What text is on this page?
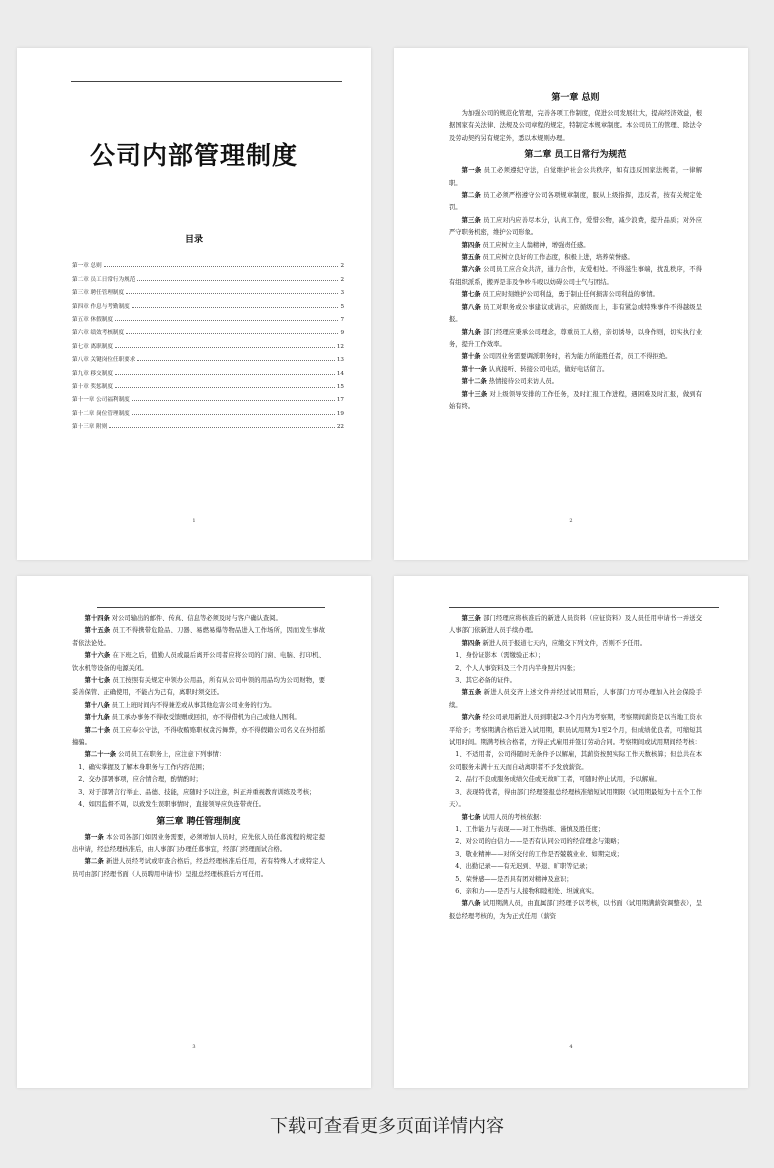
公司内部管理制度
目录
第一章 总则	2
第二章 员工日常行为规范	2
第三章 聘任管理制度	3
第四章 作息与考勤制度	5
第五章 休假制度	7
第六章 绩效考核制度	9
第七章 离职制度	12
第八章 关键岗位任职要求	13
第九章 移交制度	14
第十章 奖惩制度	15
第十一章 公司福利制度	17
第十二章 岗位管理制度	19
第十三章 附则	22
1
第一章 总则

为加强公司的规范化管理，完善各项工作制度，促进公司发展壮大，提高经济效益，根据国家有关法律、法规及公司章程的规定，特制定本规章制度。本公司员工的管理、除法令及劳动契约另有规定外，悉以本规则办理。

第二章 员工日常行为规范

第一条 员工必须遵纪守法，自觉维护社会公共秩序，如有违反国家法规者，一律解职。

第二条 员工必须严格遵守公司各项规章制度，服从上级指挥，违反者，按有关规定处罚。

第三条 员工应对内应善尽本分，认真工作，爱惜公物，减少浪费，提升品质；对外应严守职务机密，维护公司形象。

第四条 员工应树立主人翁精神，增强责任感。

第五条 员工应树立良好的工作态度，积极上进，培养荣誉感。

第六条 公司员工应合众共济，通力合作，友爱相处。不得滋生事端，扰乱秩序，不得有组织派系，搬弄是非及争吵斗殴以妨碍公司士气与团结。

第七条 员工应时刻维护公司利益，勇于制止任何损害公司利益的事情。

第八条 员工对职务或公事建议或请示，应循级而上，非有紧急或特殊事件不得越级呈报。

第九条 部门经理应秉承公司理念，尊重员工人格，亲切诱导，以身作则，切实执行业务，提升工作效率。

第十条 公司因业务需要调派职务时，若为能力所能胜任者，员工不得拒绝。

第十一条 认真接听、转接公司电话，做好电话留言。

第十二条 热情接待公司来访人员。

第十三条 对上级领导安排的工作任务，及时汇报工作进程，遇困难及时汇报，做到有始有终。

2

第十四条 对公司输出的邮件、传真、信息等必须及时与客户确认查阅。

第十五条 员工不得携带危险品、刀器、易燃易爆等物品进入工作场所，因而发生事故者依法论处。

第十六条 在下班之后，值勤人员或最后离开公司者应将公司的门窗、电脑、打印机、饮水机等设备的电源关闭。

第十七条 员工按照有关规定申领办公用品，所有从公司申领的用品均为公司财物，要妥善保管、正确使用，不能占为己有，离职时须交还。

第十八条 员工上班时间内不得兼差或从事其他危害公司业务的行为。

第十九条 员工承办事务不得收受馈赠或回扣，亦不得借机为自己或他人图利。

第二十条 员工应奉公守法，不得收贿赂职权贪污舞弊，亦不得假籍公司名义在外招摇撞骗。

第二十一条 公司员工在职务上，应注意下列事情：

1、确实掌握及了解本身职务与工作内容范围；

2、交办部署事项，应合情合理，酌情酌时；

3、对于部署言行举止、品德、技能，应随时予以注意，纠正并重视教育训练及考核；

4、如因监督不周，以致发生误职事情时，直接领导应负连带责任。

第三章 聘任管理制度

第一条 本公司各部门如因业务需要，必须增加人员时，应先依人员任募流程的规定提出申请，经总经理核准后，由人事部门办理任募事宜，经部门经理面试合格。

第二条 新进人员经考试或审查合格后，经总经理核准后任用，若有特殊人才或特定人员可由部门经理书面（人员聘用申请书）呈报总经理核准后方可任用。

3

第三条 部门经理应将核准后的新进人员资料（应征资料）及人员任用申请书一并送交人事部门依新进人员手续办理。

第四条 新进人员于报道七天内，应缴交下列文件，否则不予任用。

1、身份证影本（需缴验正本）；

2、个人人事资料及三个月内半身照片四张；

3、其它必备的证件。

第五条 新进人员交齐上述文件并经过试用期后，人事部门方可办理加入社会保险手续。

第六条 经公司录用新进人员到职起2-3个月内为考察期，考察期间薪资是以当地工资水平给予；考察期满合格后进入试用期，职员试用期为1至2个月，但成绩优良者，可缩短其试用时间。期满考核合格者，方得正式雇用并签订劳动合同。考察期间或试用期间经考核：

1、不适用者，公司得随时无条件予以解雇，其薪资按照实际工作天数核算；但总共在本公司服务未满十五天而自动离职者不予发放薪资。

2、品行不良或服务成绩欠佳或无故旷工者，可随时停止试用，予以解雇。

3、表现特优者，得由部门经理签报总经理核准缩短试用期限（试用期最短为十五个工作天）。

第七条 试用人员的考核依据：

1、工作能力与表现——对工作热练、谨慎及胜任度；

2、对公司的白信力——是否有认同公司的经营理念与策略；

3、敬业精神——对所交付的工作是否兢兢业业、如期完成；

4、出勤记录——有无迟到、早退、旷职等记录；

5、荣誉感——是否具有团对精神及意识；

6、亲和力——是否与人接物和睦相处、坦诚真实。

第八条 试用期满人员，由直属部门经理予以考核，以书面（试用期满薪资调整表），呈报总经理考核的，为为正式任用（薪资

4
下载可查看更多页面详情内容
